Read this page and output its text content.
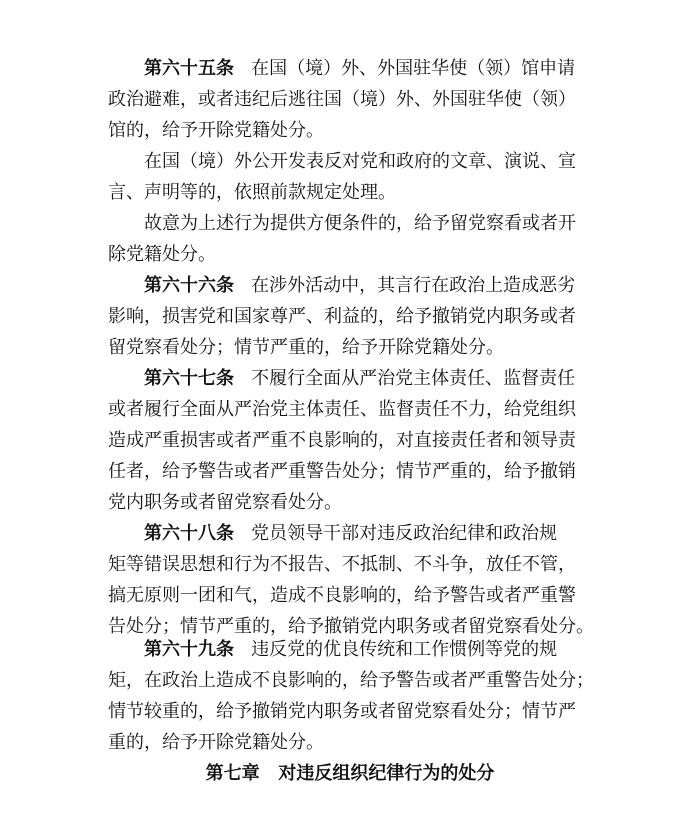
第六十五条 在国（境）外、外国驻华使（领）馆申请
政治避难，或者违纪后逃往国（境）外、外国驻华使（领）
馆的，给予开除党籍处分。
在国（境）外公开发表反对党和政府的文章、演说、宣
言、声明等的，依照前款规定处理。
故意为上述行为提供方便条件的，给予留党察看或者开
除党籍处分。
第六十六条 在涉外活动中，其言行在政治上造成恶劣
影响，损害党和国家尊严、利益的，给予撤销党内职务或者
留党察看处分；情节严重的，给予开除党籍处分。
第六十七条 不履行全面从严治党主体责任、监督责任
或者履行全面从严治党主体责任、监督责任不力，给党组织
造成严重损害或者严重不良影响的，对直接责任者和领导责
任者，给予警告或者严重警告处分；情节严重的，给予撤销
党内职务或者留党察看处分。
第六十八条 党员领导干部对违反政治纪律和政治规
矩等错误思想和行为不报告、不抵制、不斗争，放任不管，
搞无原则一团和气，造成不良影响的，给予警告或者严重警
告处分；情节严重的，给予撤销党内职务或者留党察看处分。
第六十九条 违反党的优良传统和工作惯例等党的规
矩，在政治上造成不良影响的，给予警告或者严重警告处分；
情节较重的，给予撤销党内职务或者留党察看处分；情节严
重的，给予开除党籍处分。
第七章 对违反组织纪律行为的处分
